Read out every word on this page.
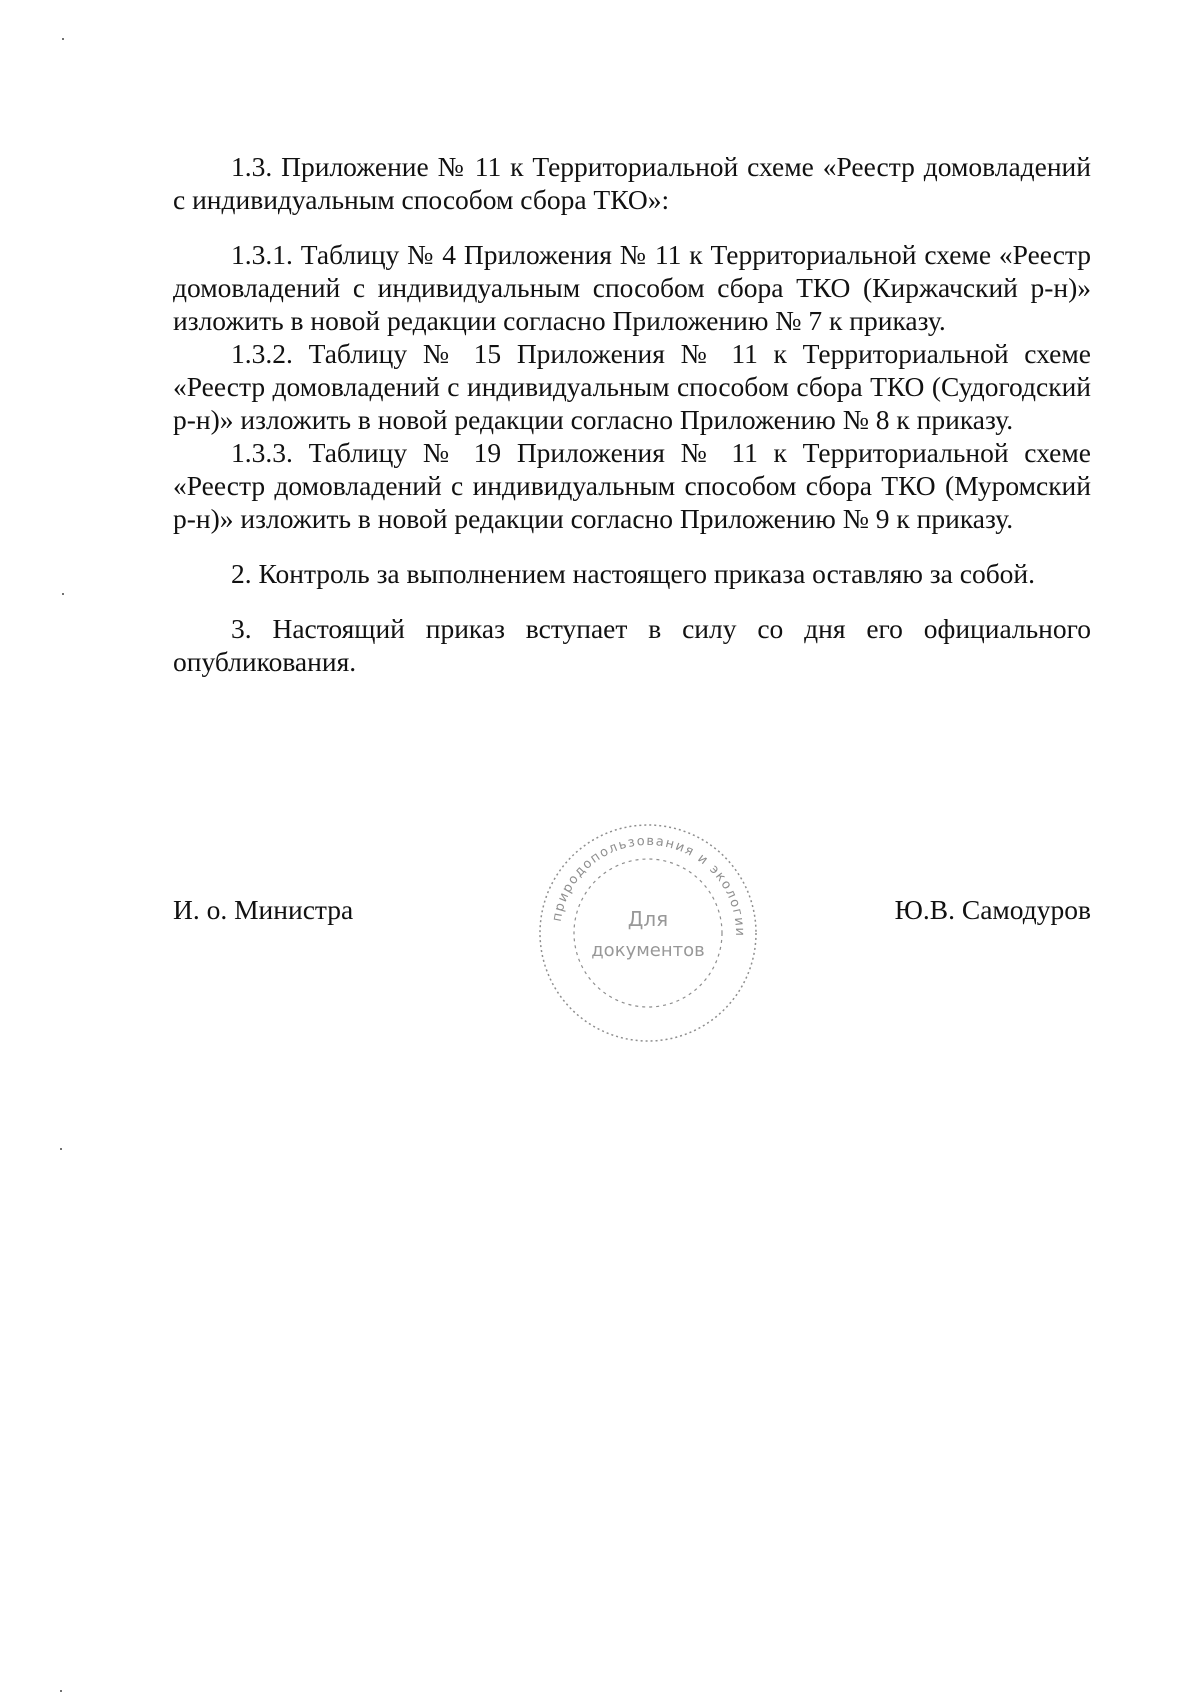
1.3. Приложение № 11 к Территориальной схеме «Реестр домовладений с индивидуальным способом сбора ТКО»:

1.3.1. Таблицу № 4 Приложения № 11 к Территориальной схеме «Реестр домовладений с индивидуальным способом сбора ТКО (Киржачский р-н)» изложить в новой редакции согласно Приложению № 7 к приказу.

1.3.2. Таблицу № 15 Приложения № 11 к Территориальной схеме «Реестр домовладений с индивидуальным способом сбора ТКО (Судогодский р-н)» изложить в новой редакции согласно Приложению № 8 к приказу.

1.3.3. Таблицу № 19 Приложения № 11 к Территориальной схеме «Реестр домовладений с индивидуальным способом сбора ТКО (Муромский р-н)» изложить в новой редакции согласно Приложению № 9 к приказу.

2. Контроль за выполнением настоящего приказа оставляю за собой.

3. Настоящий приказ вступает в силу со дня его официального опубликования.

природопользования и экологии
Для
документов
И. о. Министра	Ю.В. Самодуров
